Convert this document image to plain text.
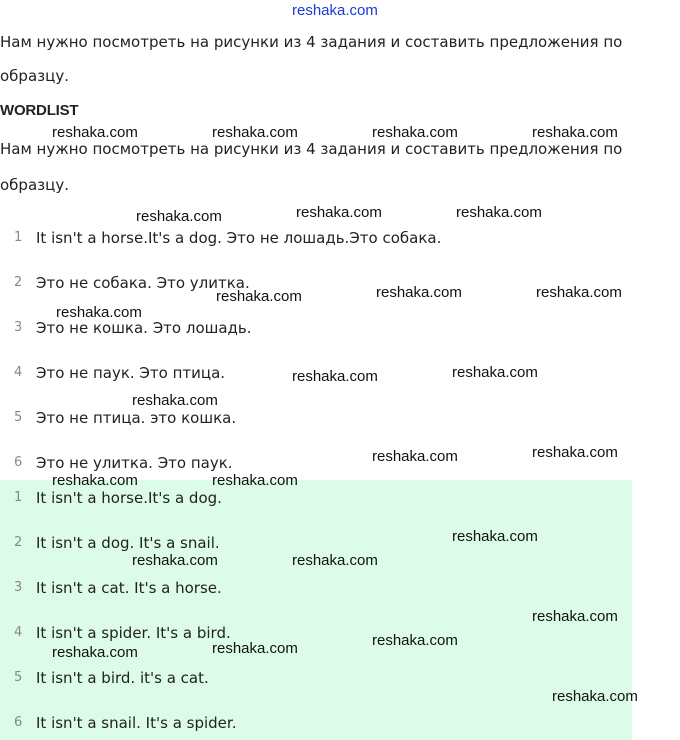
reshaka.com
Нам нужно посмотреть на рисунки из 4 задания и составить предложения по
образцу.
WORDLIST
Нам нужно посмотреть на рисунки из 4 задания и составить предложения по
образцу.
1 It isn't a horse.It's a dog. Это не лошадь.Это собака.
2 Это не собака. Это улитка.
3 Это не кошка. Это лошадь.
4 Это не паук. Это птица.
5 Это не птица. это кошка.
6 Это не улитка. Это паук.
1 It isn't a horse.It's a dog.
2 It isn't a dog. It's a snail.
3 It isn't a cat. It's a horse.
4 It isn't a spider. It's a bird.
5 It isn't a bird. it's a cat.
6 It isn't a snail. It's a spider.
reshaka.com	reshaka.com	reshaka.com	reshaka.com
reshaka.com	reshaka.com	reshaka.com
reshaka.com	reshaka.com	reshaka.com
reshaka.com
reshaka.com	reshaka.com
reshaka.com
reshaka.com	reshaka.com
reshaka.com	reshaka.com
reshaka.com
reshaka.com	reshaka.com
reshaka.com
reshaka.com
reshaka.com
reshaka.com
reshaka.com
